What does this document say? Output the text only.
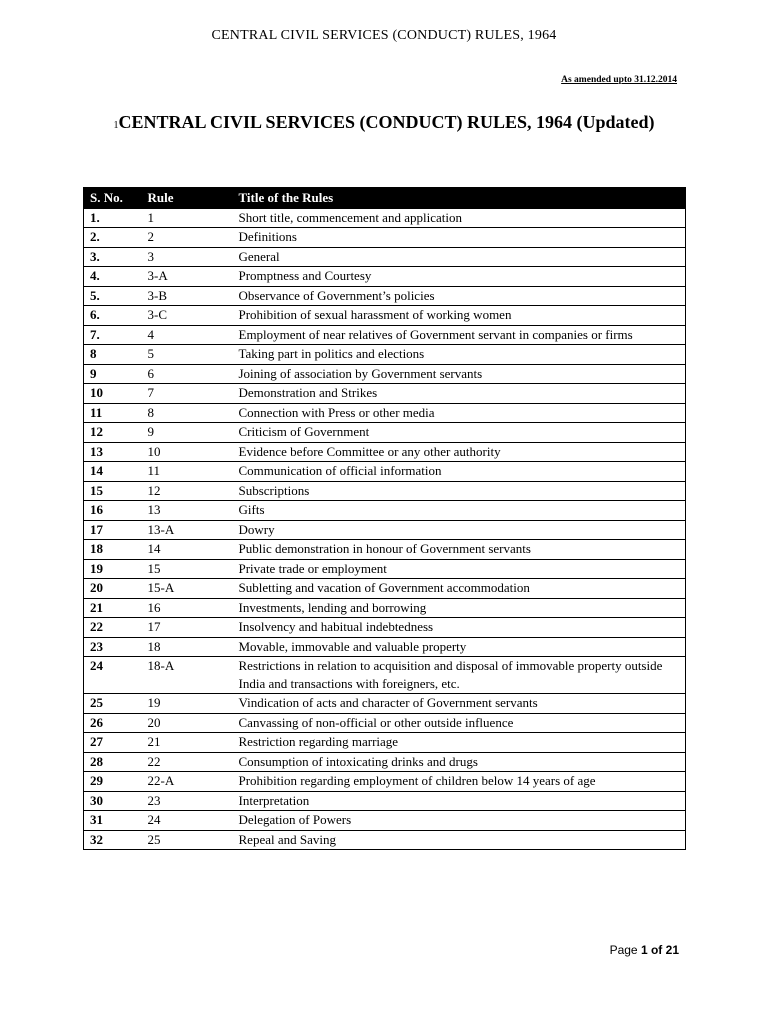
CENTRAL CIVIL SERVICES (CONDUCT) RULES, 1964
As amended upto 31.12.2014
1CENTRAL CIVIL SERVICES (CONDUCT) RULES, 1964 (Updated)
S. No.	Rule	Title of the Rules
1.	1	Short title, commencement and application
2.	2	Definitions
3.	3	General
4.	3-A	Promptness and Courtesy
5.	3-B	Observance of Government’s policies
6.	3-C	Prohibition of sexual harassment of working women
7.	4	Employment of near relatives of Government servant in companies or firms
8	5	Taking part in politics and elections
9	6	Joining of association by Government servants
10	7	Demonstration and Strikes
11	8	Connection with Press or other media
12	9	Criticism of Government
13	10	Evidence before Committee or any other authority
14	11	Communication of official information
15	12	Subscriptions
16	13	Gifts
17	13-A	Dowry
18	14	Public demonstration in honour of Government servants
19	15	Private trade or employment
20	15-A	Subletting and vacation of Government accommodation
21	16	Investments, lending and borrowing
22	17	Insolvency and habitual indebtedness
23	18	Movable, immovable and valuable property
24	18-A	Restrictions in relation to acquisition and disposal of immovable property outside India and transactions with foreigners, etc.
25	19	Vindication of acts and character of Government servants
26	20	Canvassing of non-official or other outside influence
27	21	Restriction regarding marriage
28	22	Consumption of intoxicating drinks and drugs
29	22-A	Prohibition regarding employment of children below 14 years of age
30	23	Interpretation
31	24	Delegation of Powers
32	25	Repeal and Saving
Page 1 of 21
